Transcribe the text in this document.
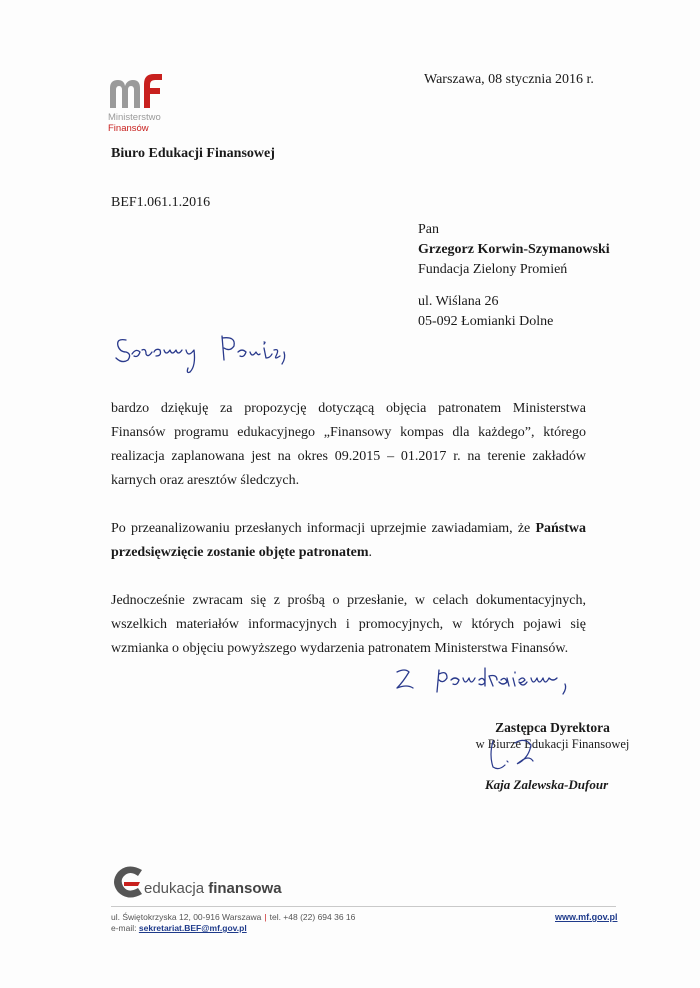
Ministerstwo
Finansów
Warszawa, 08 stycznia 2016 r.
Biuro Edukacji Finansowej
BEF1.061.1.2016
Pan
Grzegorz Korwin-Szymanowski
Fundacja Zielony Promień
ul. Wiślana 26
05-092 Łomianki Dolne
Szanowny Panie,

bardzo dziękuję za propozycję dotyczącą objęcia patronatem Ministerstwa Finansów programu edukacyjnego „Finansowy kompas dla każdego”, którego realizacja zaplanowana jest na okres 09.2015 – 01.2017 r. na terenie zakładów karnych oraz aresztów śledczych.

Po przeanalizowaniu przesłanych informacji uprzejmie zawiadamiam, że Państwa przedsięwzięcie zostanie objęte patronatem.

Jednocześnie zwracam się z prośbą o przesłanie, w celach dokumentacyjnych, wszelkich materiałów informacyjnych i promocyjnych, w których pojawi się wzmianka o objęciu powyższego wydarzenia patronatem Ministerstwa Finansów.

Z poważaniem,
Zastępca Dyrektora
w Biurze Edukacji Finansowej
Kaja Zalewska-Dufour
edukacja finansowa
ul. Świętokrzyska 12, 00-916 Warszawa | tel. +48 (22) 694 36 16
e-mail: sekretariat.BEF@mf.gov.pl
www.mf.gov.pl
